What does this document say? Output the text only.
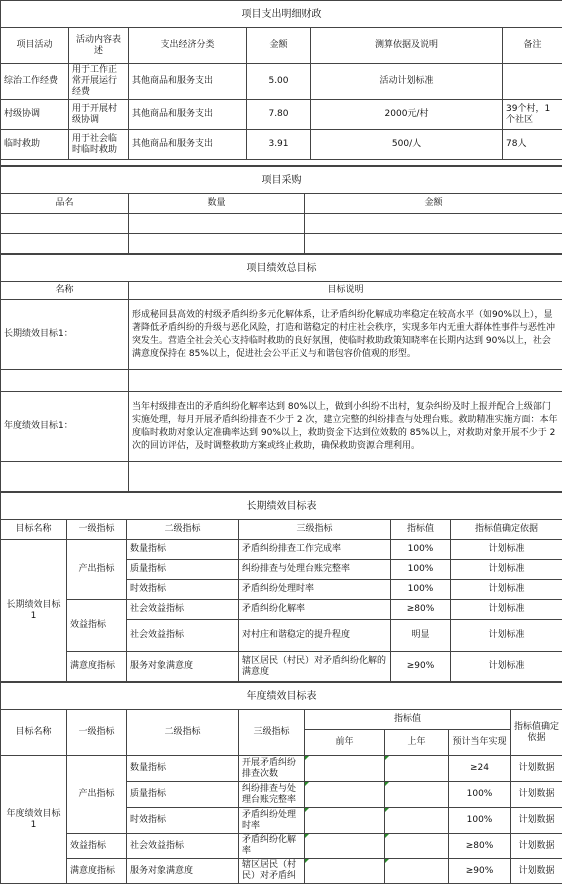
项目支出明细财政					
项目活动	活动内容表述	支出经济分类	金额	测算依据及说明	备注
综治工作经费	用于工作正常开展运行经费	其他商品和服务支出	5.00	活动计划标准	
村级协调	用于开展村级协调	其他商品和服务支出	7.80	2000元/村	39个村，1个社区
临时救助	用于社会临时临时救助	其他商品和服务支出	3.91	500/人	78人

项目采购		
品名	数量	金额

项目绩效总目标	
名称	目标说明
长期绩效目标1：	形成秘回县高效的村级矛盾纠纷多元化解体系，让矛盾纠纷化解成功率稳定在较高水平（如90%以上），显著降低矛盾纠纷的升级与恶化风险，打造和谐稳定的村庄社会秩序，实现多年内无重大群体性事件与恶性冲突发生。营造全社会关心支持临时救助的良好氛围，使临时救助政策知晓率在长期内达到 90%以上，社会满意度保持在 85%以上，促进社会公平正义与和谐包容价值观的形型。

年度绩效目标1：	当年村级排查出的矛盾纠纷化解率达到 80%以上，做到小纠纷不出村，复杂纠纷及时上报并配合上级部门实施处理，每月开展矛盾纠纷排查不少于 2 次，建立完整的纠纷排查与处理台账。救助精准实施方面：本年度临时救助对象认定准确率达到 90%以上，救助资金下达到位效数的 85%以上，对救助对象开展不少于 2 次的回访评估，及时调整救助方案或终止救助，确保救助资源合理利用。

长期绩效目标表					
目标名称	一级指标	二级指标	三级指标	指标值	指标值确定依据
长期绩效目标1	产出指标	数量指标	矛盾纠纷排查工作完成率	100%	计划标准
		质量指标	纠纷排查与处理台账完整率	100%	计划标准
		时效指标	矛盾纠纷处理时率	100%	计划标准
	效益指标	社会效益指标	矛盾纠纷化解率	≥80%	计划标准
		社会效益指标	对村庄和谐稳定的提升程度	明显	计划标准
	满意度指标	服务对象满意度	辖区居民（村民）对矛盾纠纷化解的满意度	≥90%	计划标准
年度绩效目标表							
目标名称	一级指标	二级指标	三级指标	指标值			指标值确定依据
				前年	上年	预计当年实现	
年度绩效目标1	产出指标	数量指标	开展矛盾纠纷排查次数			≥24	计划数据
		质量指标	纠纷排查与处理台账完整率			100%	计划数据
		时效指标	矛盾纠纷处理时率			100%	计划数据
	效益指标	社会效益指标	矛盾纠纷化解率			≥80%	计划数据
	满意度指标	服务对象满意度	辖区居民（村民）对矛盾纠			≥90%	计划数据
